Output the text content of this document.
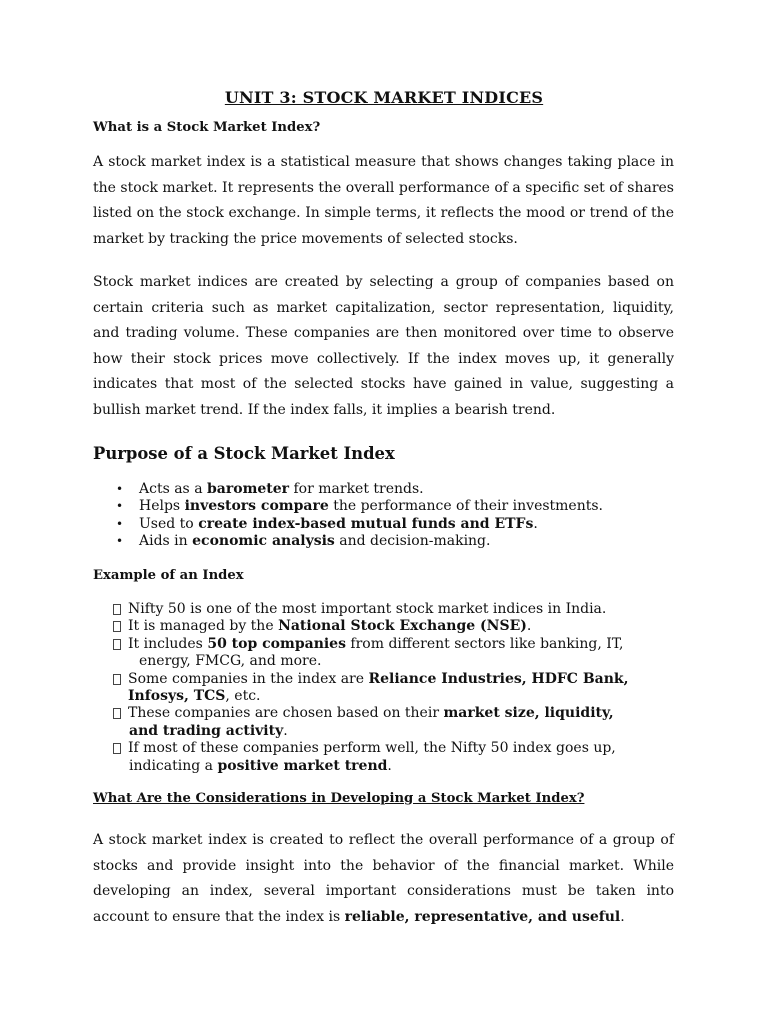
UNIT 3: STOCK MARKET INDICES
What is a Stock Market Index?

A stock market index is a statistical measure that shows changes taking place in the stock market. It represents the overall performance of a specific set of shares listed on the stock exchange. In simple terms, it reflects the mood or trend of the market by tracking the price movements of selected stocks.

Stock market indices are created by selecting a group of companies based on certain criteria such as market capitalization, sector representation, liquidity, and trading volume. These companies are then monitored over time to observe how their stock prices move collectively. If the index moves up, it generally indicates that most of the selected stocks have gained in value, suggesting a bullish market trend. If the index falls, it implies a bearish trend.

Purpose of a Stock Market Index
• Acts as a barometer for market trends.
• Helps investors compare the performance of their investments.
• Used to create index-based mutual funds and ETFs.
• Aids in economic analysis and decision-making.
Example of an Index
Nifty 50 is one of the most important stock market indices in India.
It is managed by the National Stock Exchange (NSE).
It includes 50 top companies from different sectors like banking, IT,
energy, FMCG, and more.
Some companies in the index are Reliance Industries, HDFC Bank,
Infosys, TCS, etc.
These companies are chosen based on their market size, liquidity,
and trading activity.
If most of these companies perform well, the Nifty 50 index goes up,
indicating a positive market trend.
What Are the Considerations in Developing a Stock Market Index?

A stock market index is created to reflect the overall performance of a group of stocks and provide insight into the behavior of the financial market. While developing an index, several important considerations must be taken into account to ensure that the index is reliable, representative, and useful.
